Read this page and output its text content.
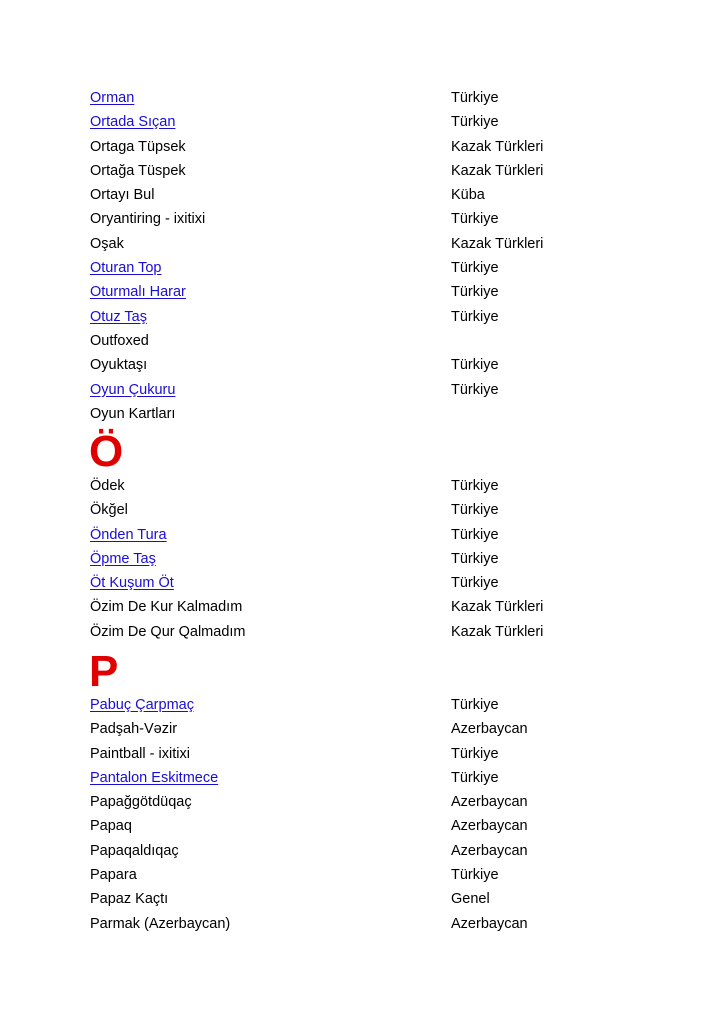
Orman	Türkiye
Ortada Sıçan	Türkiye
Ortaga Tüpsek	Kazak Türkleri
Ortağa Tüspek	Kazak Türkleri
Ortayı Bul	Küba
Oryantiring - ixitixi	Türkiye
Oşak	Kazak Türkleri
Oturan Top	Türkiye
Oturmalı Harar	Türkiye
Otuz Taş	Türkiye
Outfoxed
Oyuktaşı	Türkiye
Oyun Çukuru	Türkiye
Oyun Kartları
Ö
Ödek	Türkiye
Ökğel	Türkiye
Önden Tura	Türkiye
Öpme Taş	Türkiye
Öt Kuşum Öt	Türkiye
Özim De Kur Kalmadım	Kazak Türkleri
Özim De Qur Qalmadım	Kazak Türkleri
P
Pabuç Çarpmaç	Türkiye
Padşah-Vəzir	Azerbaycan
Paintball - ixitixi	Türkiye
Pantalon Eskitmece	Türkiye
Papağgötdüqaç	Azerbaycan
Papaq	Azerbaycan
Papaqaldıqaç	Azerbaycan
Papara	Türkiye
Papaz Kaçtı	Genel
Parmak (Azerbaycan)	Azerbaycan
